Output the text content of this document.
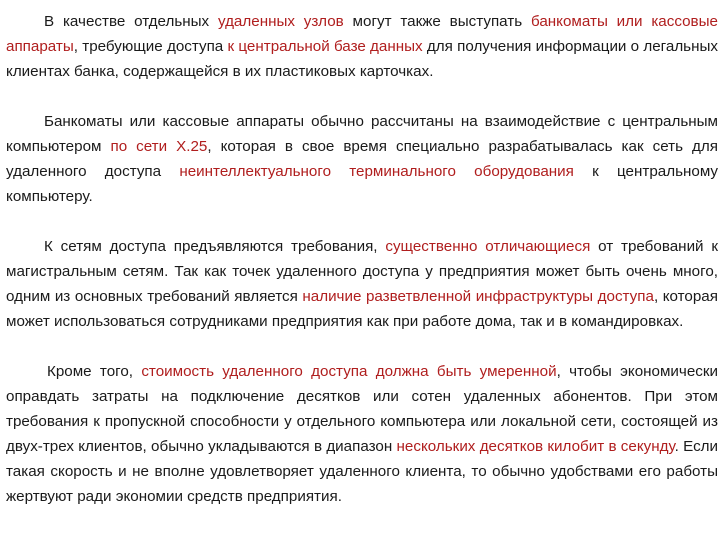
В качестве отдельных удаленных узлов могут также выступать банкоматы или кассовые аппараты, требующие доступа к центральной базе данных для получения информации о легальных клиентах банка, содержащейся в их пластиковых карточках.

Банкоматы или кассовые аппараты обычно рассчитаны на взаимодействие с центральным компьютером по сети Х.25, которая в свое время специально разрабатывалась как сеть для удаленного доступа неинтеллектуального терминального оборудования к центральному компьютеру.

К сетям доступа предъявляются требования, существенно отличающиеся от требований к магистральным сетям. Так как точек удаленного доступа у предприятия может быть очень много, одним из основных требований является наличие разветвленной инфраструктуры доступа, которая может использоваться сотрудниками предприятия как при работе дома, так и в командировках.

Кроме того, стоимость удаленного доступа должна быть умеренной, чтобы экономически оправдать затраты на подключение десятков или сотен удаленных абонентов. При этом требования к пропускной способности у отдельного компьютера или локальной сети, состоящей из двух-трех клиентов, обычно укладываются в диапазон нескольких десятков килобит в секунду. Если такая скорость и не вполне удовлетворяет удаленного клиента, то обычно удобствами его работы жертвуют ради экономии средств предприятия.
